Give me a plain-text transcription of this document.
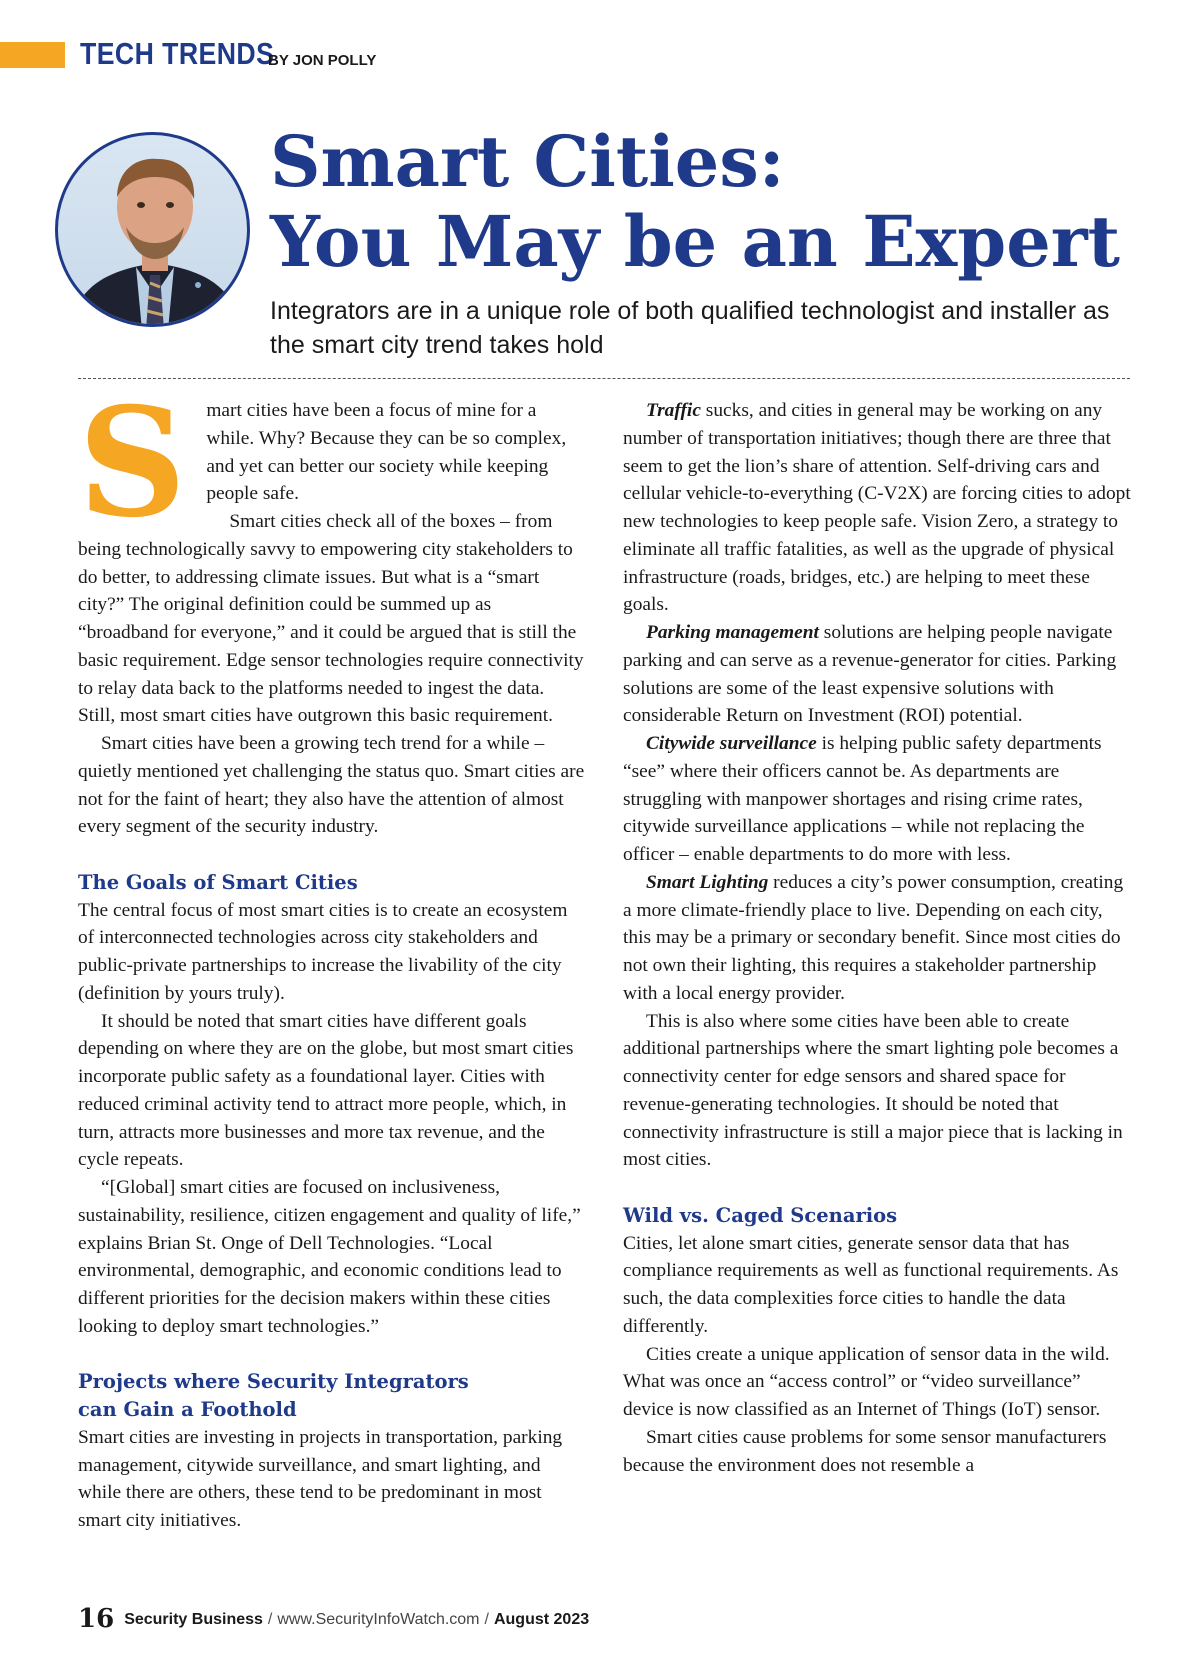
TECH TRENDS
BY JON POLLY
Smart Cities:
You May be an Expert
Integrators are in a unique role of both qualified technologist and installer as the smart city trend takes hold
S	mart cities have been a focus of mine for a while. Why? Because they can be so complex, and yet can better our society while keeping people safe.

Smart cities check all of the boxes – from being technologically savvy to empowering city stakeholders to do better, to addressing climate issues. But what is a “smart city?” The original definition could be summed up as “broadband for everyone,” and it could be argued that is still the basic requirement. Edge sensor technologies require connectivity to relay data back to the platforms needed to ingest the data. Still, most smart cities have outgrown this basic requirement.

Smart cities have been a growing tech trend for a while – quietly mentioned yet challenging the status quo. Smart cities are not for the faint of heart; they also have the attention of almost every segment of the security industry.

The Goals of Smart Cities

The central focus of most smart cities is to create an ecosystem of interconnected technologies across city stakeholders and public-private partnerships to increase the livability of the city (definition by yours truly).

It should be noted that smart cities have different goals depending on where they are on the globe, but most smart cities incorporate public safety as a foundational layer. Cities with reduced criminal activity tend to attract more people, which, in turn, attracts more businesses and more tax revenue, and the cycle repeats.

“[Global] smart cities are focused on inclusiveness, sustainability, resilience, citizen engagement and quality of life,” explains Brian St. Onge of Dell Technologies. “Local environmental, demographic, and economic conditions lead to different priorities for the decision makers within these cities looking to deploy smart technologies.”

Projects where Security Integrators can Gain a Foothold

Smart cities are investing in projects in transportation, parking management, citywide surveillance, and smart lighting, and while there are others, these tend to be predominant in most smart city initiatives.

Traffic sucks, and cities in general may be working on any number of transportation initiatives; though there are three that seem to get the lion’s share of attention. Self-driving cars and cellular vehicle-to-everything (C-V2X) are forcing cities to adopt new technologies to keep people safe. Vision Zero, a strategy to eliminate all traffic fatalities, as well as the upgrade of physical infrastructure (roads, bridges, etc.) are helping to meet these goals.

Parking management solutions are helping people navigate parking and can serve as a revenue-generator for cities. Parking solutions are some of the least expensive solutions with considerable Return on Investment (ROI) potential.

Citywide surveillance is helping public safety departments “see” where their officers cannot be. As departments are struggling with manpower shortages and rising crime rates, citywide surveillance applications – while not replacing the officer – enable departments to do more with less.

Smart Lighting reduces a city’s power consumption, creating a more climate-friendly place to live. Depending on each city, this may be a primary or secondary benefit. Since most cities do not own their lighting, this requires a stakeholder partnership with a local energy provider.

This is also where some cities have been able to create additional partnerships where the smart lighting pole becomes a connectivity center for edge sensors and shared space for revenue-generating technologies. It should be noted that connectivity infrastructure is still a major piece that is lacking in most cities.

Wild vs. Caged Scenarios

Cities, let alone smart cities, generate sensor data that has compliance requirements as well as functional requirements. As such, the data complexities force cities to handle the data differently.

Cities create a unique application of sensor data in the wild. What was once an “access control” or “video surveillance” device is now classified as an Internet of Things (IoT) sensor.

Smart cities cause problems for some sensor manufacturers because the environment does not resemble a

16 Security Business / www.SecurityInfoWatch.com / August 2023
